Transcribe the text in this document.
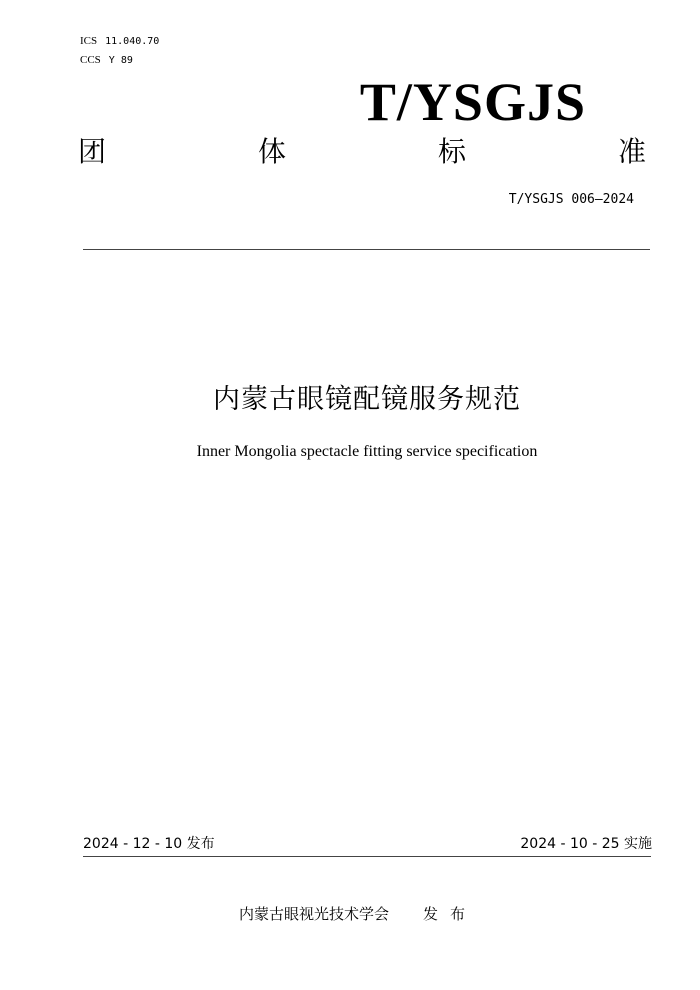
ICS 11.040.70
CCS Y 89
T/YSGJS
团	体	标	准
T/YSGJS 006—2024
内蒙古眼镜配镜服务规范
Inner Mongolia spectacle fitting service specification
2024 - 12 - 10 发布	2024 - 10 - 25 实施
内蒙古眼视光技术学会 发布
